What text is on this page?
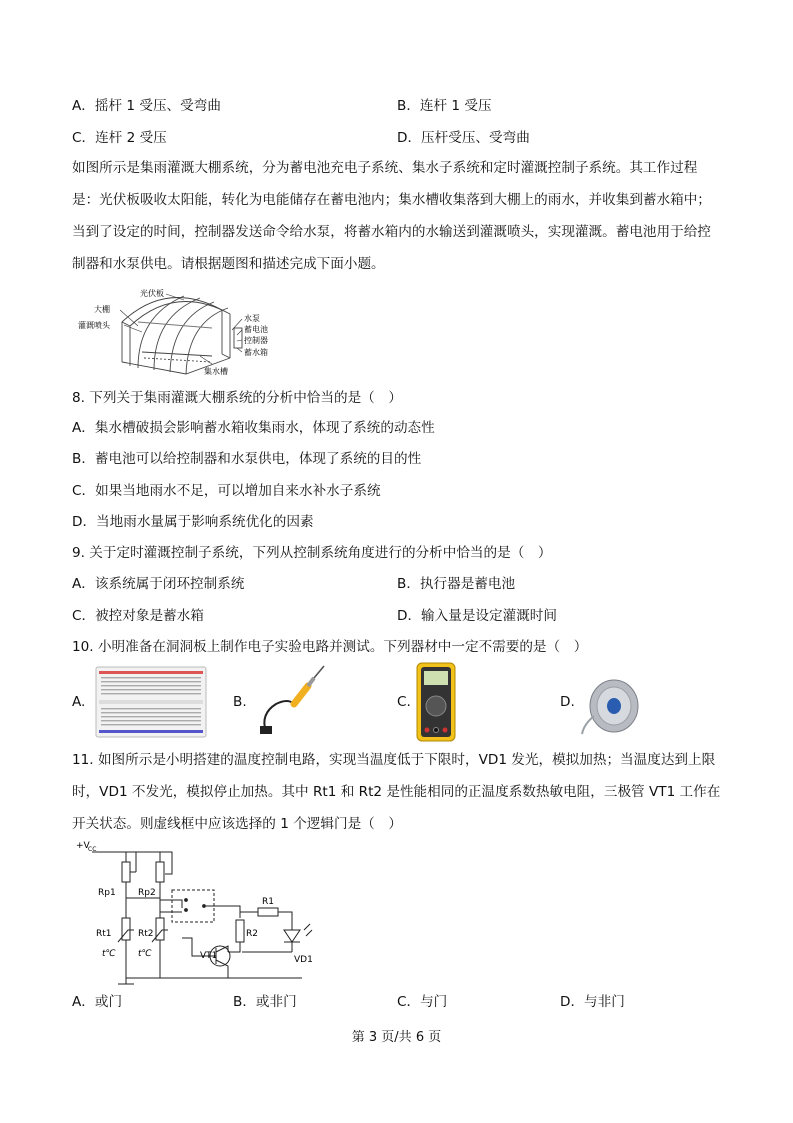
A．摇杆 1 受压、受弯曲	B．连杆 1 受压
C．连杆 2 受压	D．压杆受压、受弯曲
如图所示是集雨灌溉大棚系统，分为蓄电池充电子系统、集水子系统和定时灌溉控制子系统。其工作过程是：光伏板吸收太阳能，转化为电能储存在蓄电池内；集水槽收集落到大棚上的雨水，并收集到蓄水箱中；当到了设定的时间，控制器发送命令给水泵，将蓄水箱内的水输送到灌溉喷头，实现灌溉。蓄电池用于给控制器和水泵供电。请根据题图和描述完成下面小题。
光伏板
大棚
灌溉喷头
水泵
蓄电池
控制器
蓄水箱
集水槽
8. 下列关于集雨灌溉大棚系统的分析中恰当的是（　）
A．集水槽破损会影响蓄水箱收集雨水，体现了系统的动态性
B．蓄电池可以给控制器和水泵供电，体现了系统的目的性
C．如果当地雨水不足，可以增加自来水补水子系统
D．当地雨水量属于影响系统优化的因素
9. 关于定时灌溉控制子系统，下列从控制系统角度进行的分析中恰当的是（　）
A．该系统属于闭环控制系统	B．执行器是蓄电池
C．被控对象是蓄水箱	D．输入量是设定灌溉时间
10. 小明准备在洞洞板上制作电子实验电路并测试。下列器材中一定不需要的是（　）
A.	B.	C.	D.
11. 如图所示是小明搭建的温度控制电路，实现当温度低于下限时，VD1 发光，模拟加热；当温度达到上限时，VD1 不发光，模拟停止加热。其中 Rt1 和 Rt2 是性能相同的正温度系数热敏电阻，三极管 VT1 工作在开关状态。则虚线框中应该选择的 1 个逻辑门是（　）
+V
CC
Rp1 Rp2
Rt1	Rt2
t℃ t℃
R1
R2
VT1	VD1
A．或门	B．或非门	C．与门	D．与非门
第 3 页/共 6 页
